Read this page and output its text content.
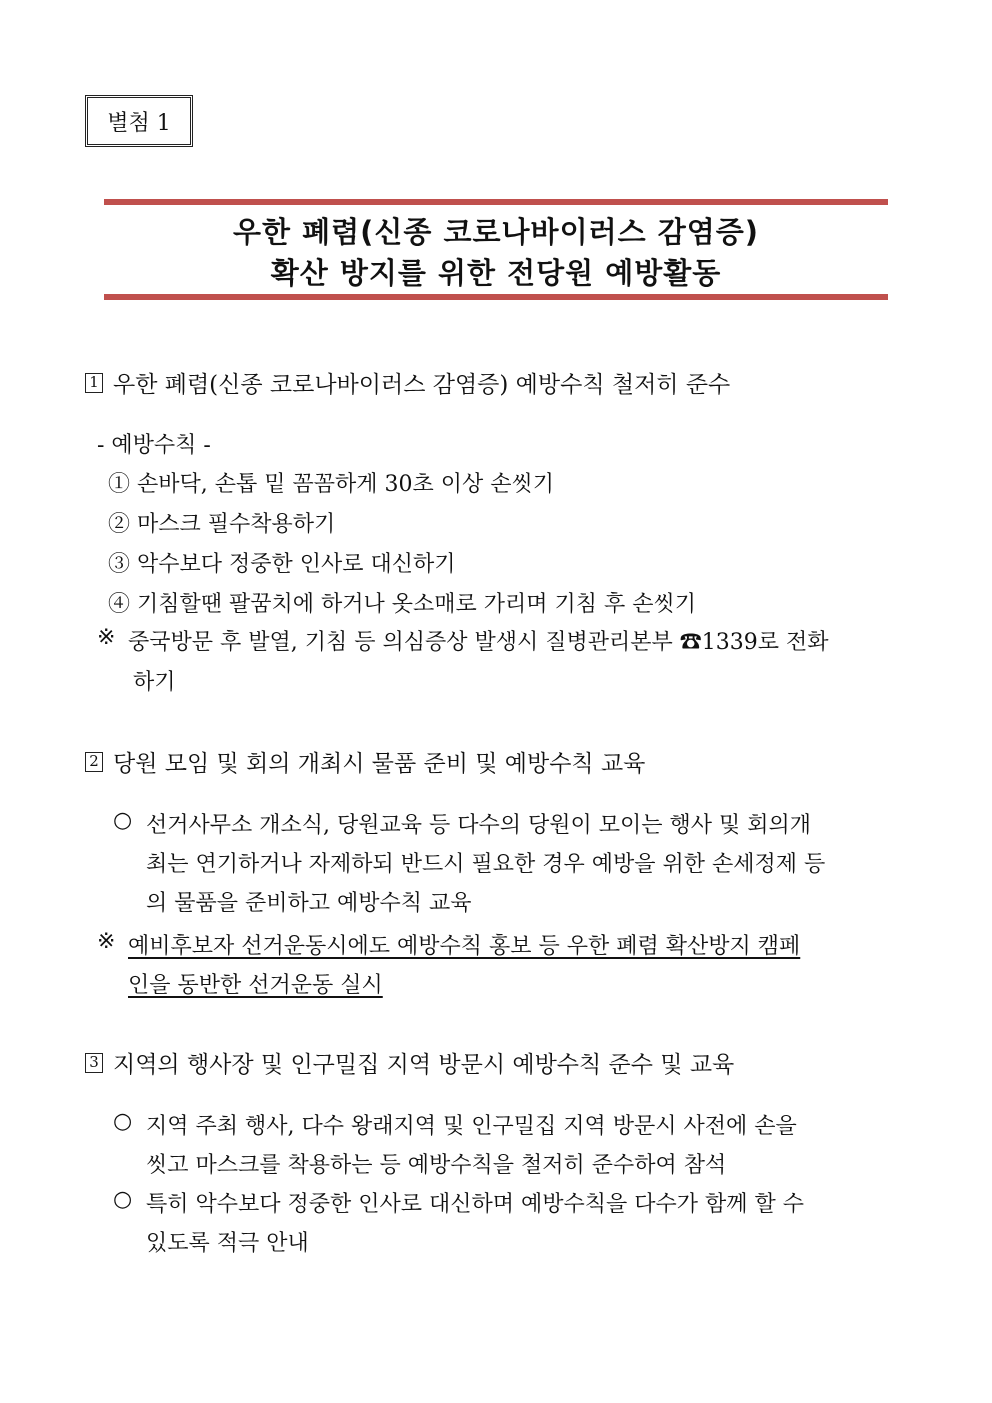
별첨 1
우한 폐렴(신종 코로나바이러스 감염증)
확산 방지를 위한 전당원 예방활동
1 우한 폐렴(신종 코로나바이러스 감염증) 예방수칙 철저히 준수
- 예방수칙 -
① 손바닥, 손톱 밑 꼼꼼하게 30초 이상 손씻기
② 마스크 필수착용하기
③ 악수보다 정중한 인사로 대신하기
④ 기침할땐 팔꿈치에 하거나 옷소매로 가리며 기침 후 손씻기
※ 중국방문 후 발열, 기침 등 의심증상 발생시 질병관리본부 ☎1339로 전화
하기
2 당원 모임 및 회의 개최시 물품 준비 및 예방수칙 교육
○ 선거사무소 개소식, 당원교육 등 다수의 당원이 모이는 행사 및 회의개
최는 연기하거나 자제하되 반드시 필요한 경우 예방을 위한 손세정제 등
의 물품을 준비하고 예방수칙 교육
※ 예비후보자 선거운동시에도 예방수칙 홍보 등 우한 폐렴 확산방지 캠페
인을 동반한 선거운동 실시
3 지역의 행사장 및 인구밀집 지역 방문시 예방수칙 준수 및 교육
○ 지역 주최 행사, 다수 왕래지역 및 인구밀집 지역 방문시 사전에 손을
씻고 마스크를 착용하는 등 예방수칙을 철저히 준수하여 참석
○ 특히 악수보다 정중한 인사로 대신하며 예방수칙을 다수가 함께 할 수
있도록 적극 안내
